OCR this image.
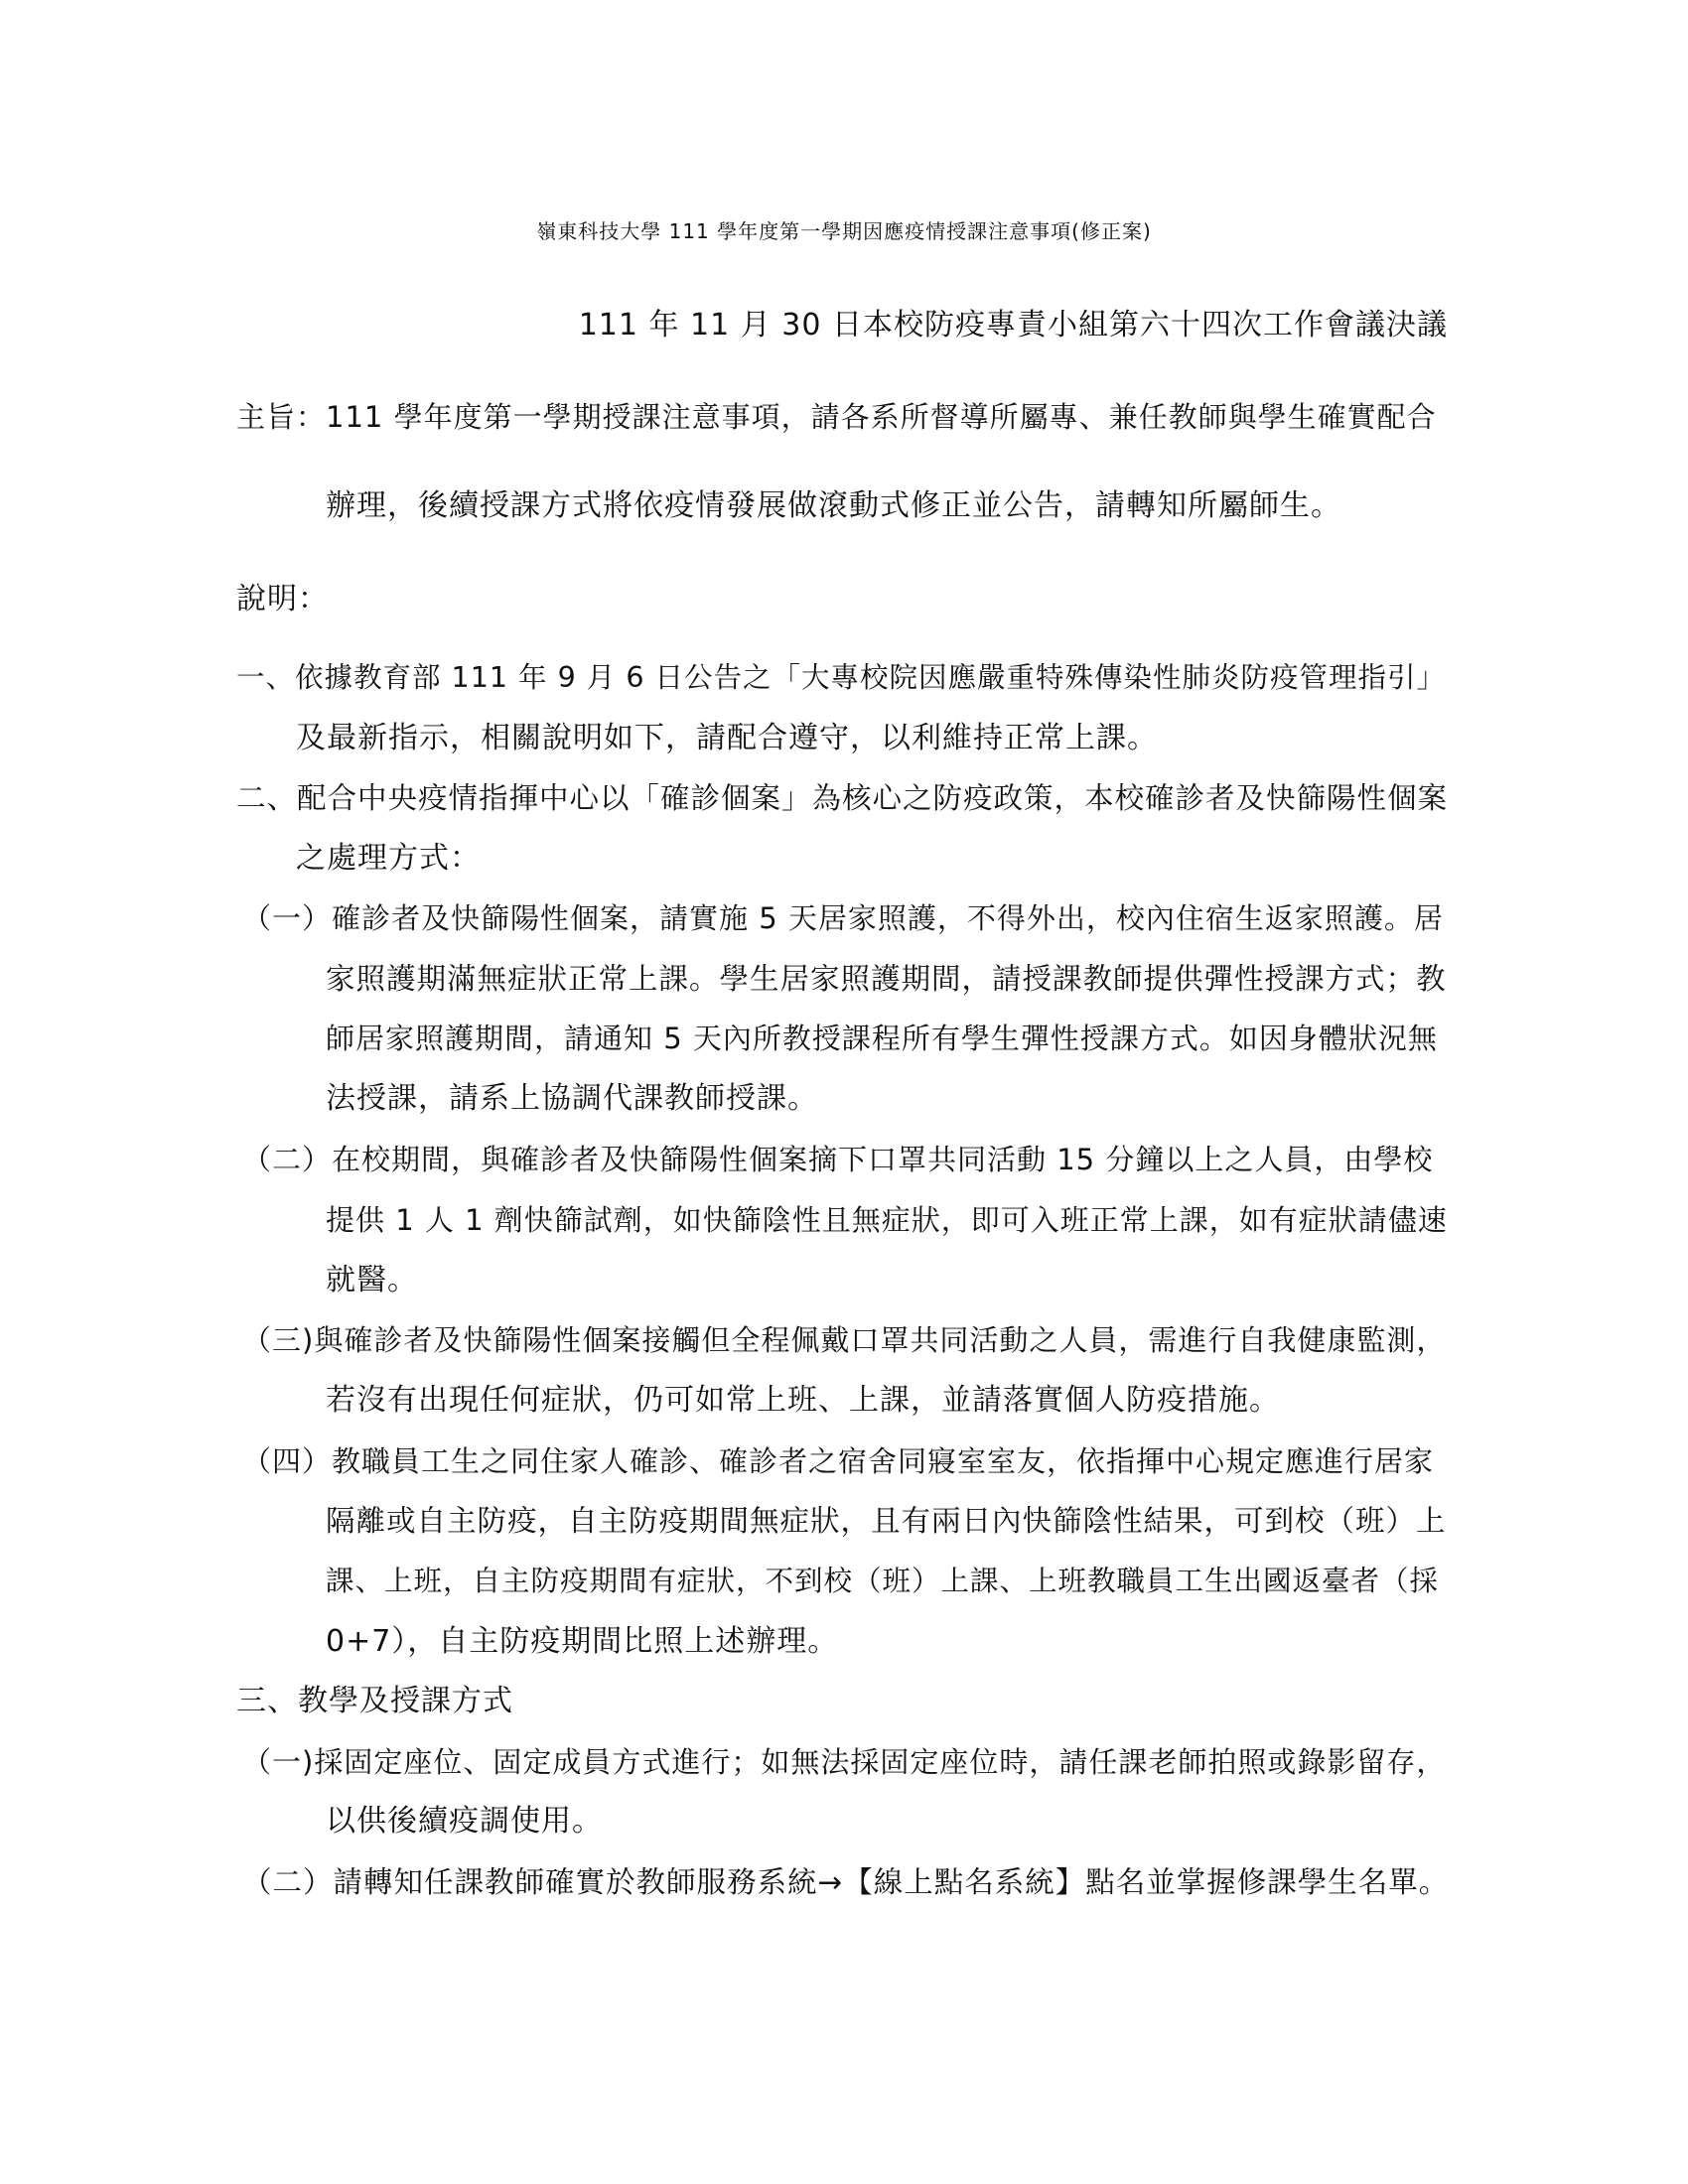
嶺東科技大學 111 學年度第一學期因應疫情授課注意事項(修正案)
111 年 11 月 30 日本校防疫專責小組第六十四次工作會議決議
主旨：111 學年度第一學期授課注意事項，請各系所督導所屬專、兼任教師與學生確實配合
辦理，後續授課方式將依疫情發展做滾動式修正並公告，請轉知所屬師生。
說明：
一、依據教育部 111 年 9 月 6 日公告之「大專校院因應嚴重特殊傳染性肺炎防疫管理指引」
及最新指示，相關說明如下，請配合遵守，以利維持正常上課。
二、配合中央疫情指揮中心以「確診個案」為核心之防疫政策，本校確診者及快篩陽性個案
之處理方式：
（一）確診者及快篩陽性個案，請實施 5 天居家照護，不得外出，校內住宿生返家照護。居
家照護期滿無症狀正常上課。學生居家照護期間，請授課教師提供彈性授課方式；教
師居家照護期間，請通知 5 天內所教授課程所有學生彈性授課方式。如因身體狀況無
法授課，請系上協調代課教師授課。
（二）在校期間，與確診者及快篩陽性個案摘下口罩共同活動 15 分鐘以上之人員，由學校
提供 1 人 1 劑快篩試劑，如快篩陰性且無症狀，即可入班正常上課，如有症狀請儘速
就醫。
（三)與確診者及快篩陽性個案接觸但全程佩戴口罩共同活動之人員，需進行自我健康監測，
若沒有出現任何症狀，仍可如常上班、上課，並請落實個人防疫措施。
（四）教職員工生之同住家人確診、確診者之宿舍同寢室室友，依指揮中心規定應進行居家
隔離或自主防疫，自主防疫期間無症狀，且有兩日內快篩陰性結果，可到校（班）上
課、上班，自主防疫期間有症狀，不到校（班）上課、上班教職員工生出國返臺者（採
0+7），自主防疫期間比照上述辦理。
三、教學及授課方式
（一)採固定座位、固定成員方式進行；如無法採固定座位時，請任課老師拍照或錄影留存，
以供後續疫調使用。
（二）請轉知任課教師確實於教師服務系統→【線上點名系統】點名並掌握修課學生名單。
